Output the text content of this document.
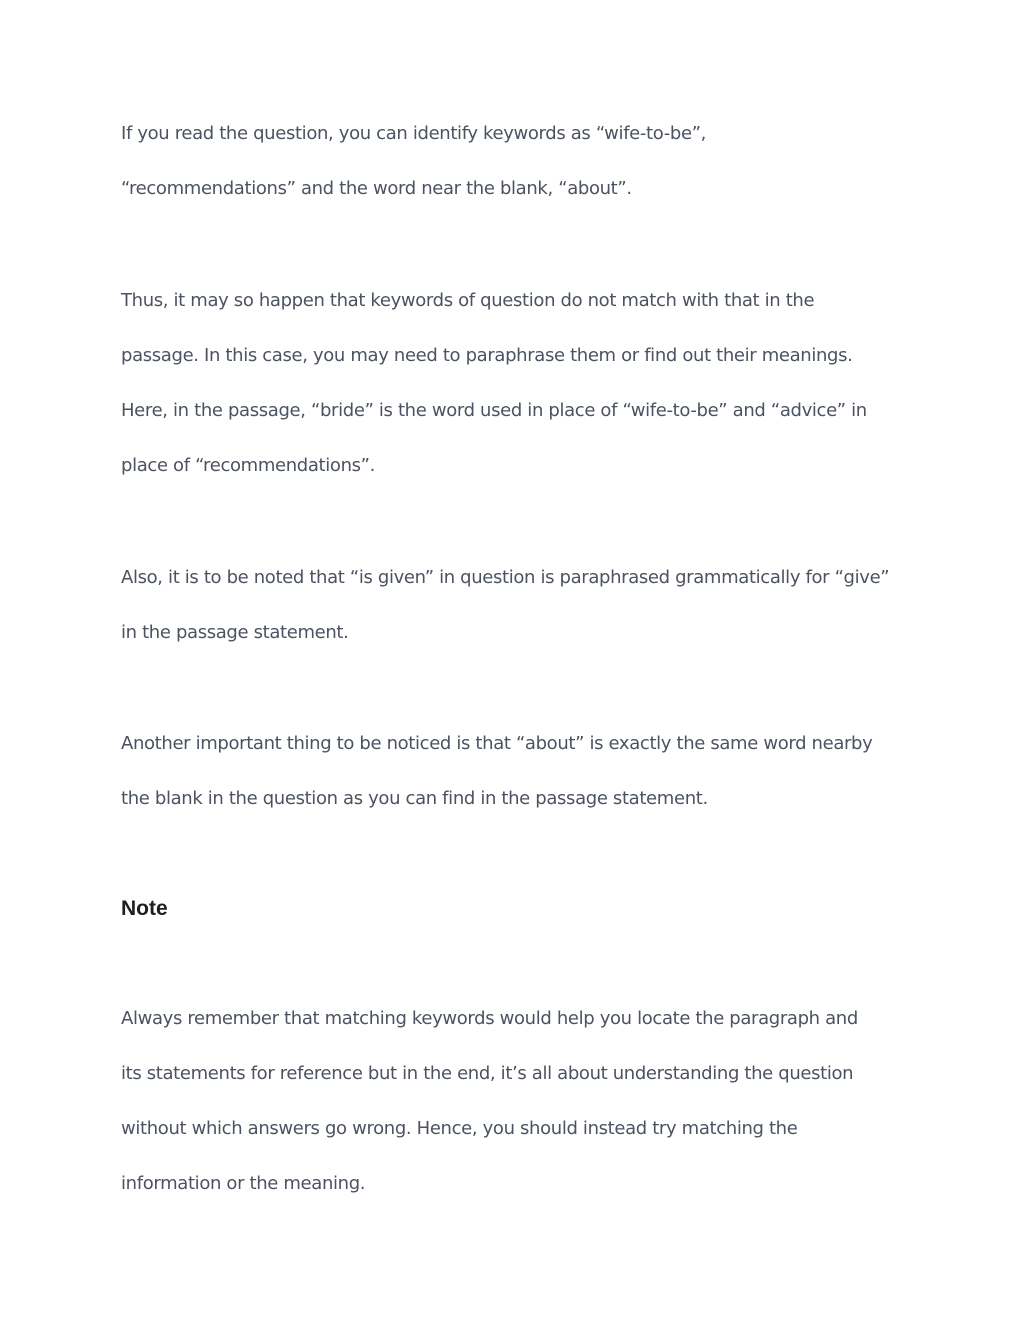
If you read the question, you can identify keywords as “wife-to-be”,

“recommendations” and the word near the blank, “about”.

Thus, it may so happen that keywords of question do not match with that in the

passage. In this case, you may need to paraphrase them or find out their meanings.

Here, in the passage, “bride” is the word used in place of “wife-to-be” and “advice” in

place of “recommendations”.

Also, it is to be noted that “is given” in question is paraphrased grammatically for “give”

in the passage statement.

Another important thing to be noticed is that “about” is exactly the same word nearby

the blank in the question as you can find in the passage statement.

Note

Always remember that matching keywords would help you locate the paragraph and

its statements for reference but in the end, it’s all about understanding the question

without which answers go wrong. Hence, you should instead try matching the

information or the meaning.
